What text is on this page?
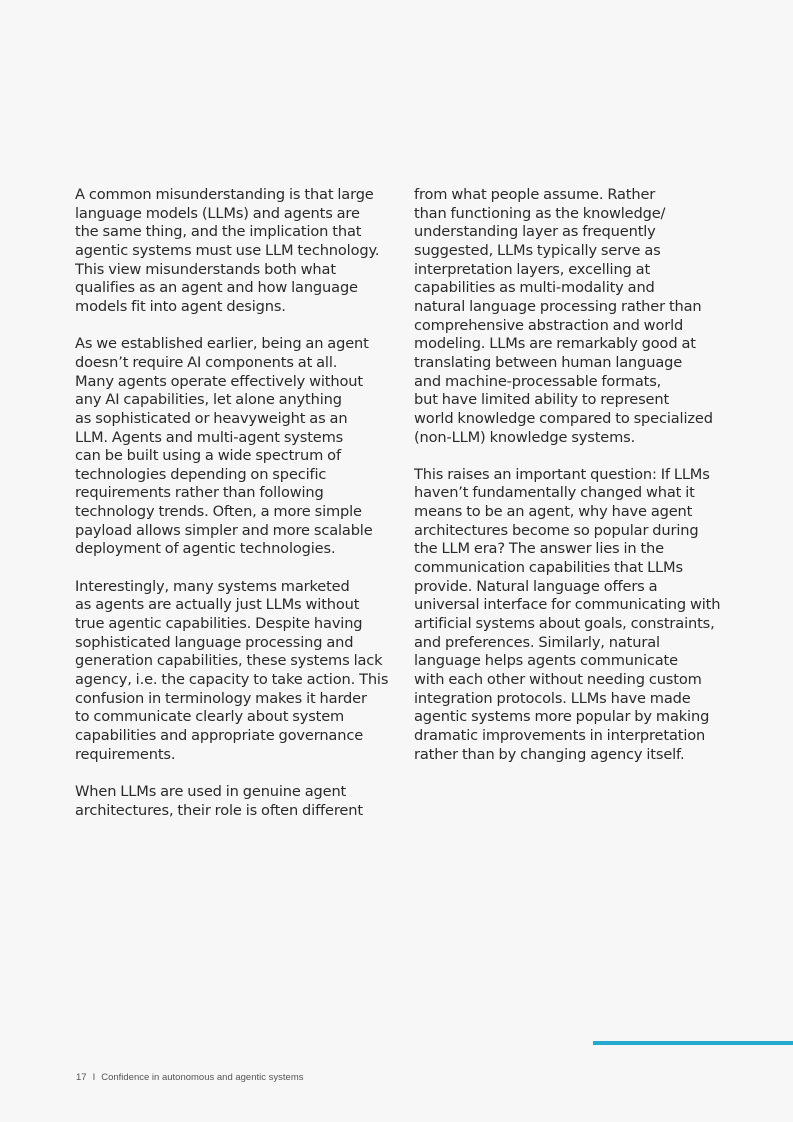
A common misunderstanding is that large
language models (LLMs) and agents are
the same thing, and the implication that
agentic systems must use LLM technology.
This view misunderstands both what
qualifies as an agent and how language
models fit into agent designs.

As we established earlier, being an agent
doesn’t require AI components at all.
Many agents operate effectively without
any AI capabilities, let alone anything
as sophisticated or heavyweight as an
LLM. Agents and multi-agent systems
can be built using a wide spectrum of
technologies depending on specific
requirements rather than following
technology trends. Often, a more simple
payload allows simpler and more scalable
deployment of agentic technologies.

Interestingly, many systems marketed
as agents are actually just LLMs without
true agentic capabilities. Despite having
sophisticated language processing and
generation capabilities, these systems lack
agency, i.e. the capacity to take action. This
confusion in terminology makes it harder
to communicate clearly about system
capabilities and appropriate governance
requirements.

When LLMs are used in genuine agent
architectures, their role is often different

from what people assume. Rather
than functioning as the knowledge/
understanding layer as frequently
suggested, LLMs typically serve as
interpretation layers, excelling at
capabilities as multi-modality and
natural language processing rather than
comprehensive abstraction and world
modeling. LLMs are remarkably good at
translating between human language
and machine-processable formats,
but have limited ability to represent
world knowledge compared to specialized
(non-LLM) knowledge systems.

This raises an important question: If LLMs
haven’t fundamentally changed what it
means to be an agent, why have agent
architectures become so popular during
the LLM era? The answer lies in the
communication capabilities that LLMs
provide. Natural language offers a
universal interface for communicating with
artificial systems about goals, constraints,
and preferences. Similarly, natural
language helps agents communicate
with each other without needing custom
integration protocols. LLMs have made
agentic systems more popular by making
dramatic improvements in interpretation
rather than by changing agency itself.

17 I Confidence in autonomous and agentic systems
